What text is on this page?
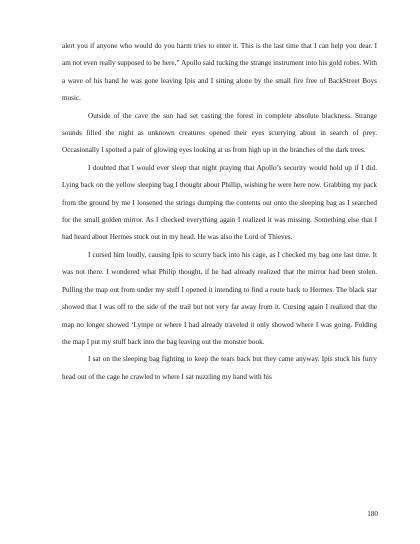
alert you if anyone who would do you harm tries to enter it. This is the last time that I can help you dear. I am not even really supposed to be here,” Apollo said tucking the strange instrument into his gold robes. With a wave of his hand he was gone leaving Ipis and I sitting alone by the small fire free of BackStreet Boys music.

Outside of the cave the sun had set casting the forest in complete absolute blackness. Strange sounds filled the night as unknown creatures opened their eyes scurrying about in search of prey. Occasionally I spotted a pair of glowing eyes looking at us from high up in the branches of the dark trees.

I doubted that I would ever sleep that night praying that Apollo’s security would hold up if I did. Lying back on the yellow sleeping bag I thought about Phillip, wishing he were here now. Grabbing my pack from the ground by me I loosened the strings dumping the contents out onto the sleeping bag as I searched for the small golden mirror. As I checked everything again I realized it was missing. Something else that I had heard about Hermes stuck out in my head. He was also the Lord of Thieves.

I cursed him loudly, causing Ipis to scurry back into his cage, as I checked my bag one last time. It was not there. I wondered what Philip thought, if he had already realized that the mirror had been stolen. Pulling the map out from under my stuff I opened it intending to find a route back to Hermes. The black star showed that I was off to the side of the trail but not very far away from it. Cursing again I realized that the map no longer showed ‘Lympe or where I had already traveled it only showed where I was going. Folding the map I put my stuff back into the bag leaving out the monster book.

I sat on the sleeping bag fighting to keep the tears back but they came anyway. Ipis stuck his furry head out of the cage he crawled to where I sat nuzzling my hand with his

180
